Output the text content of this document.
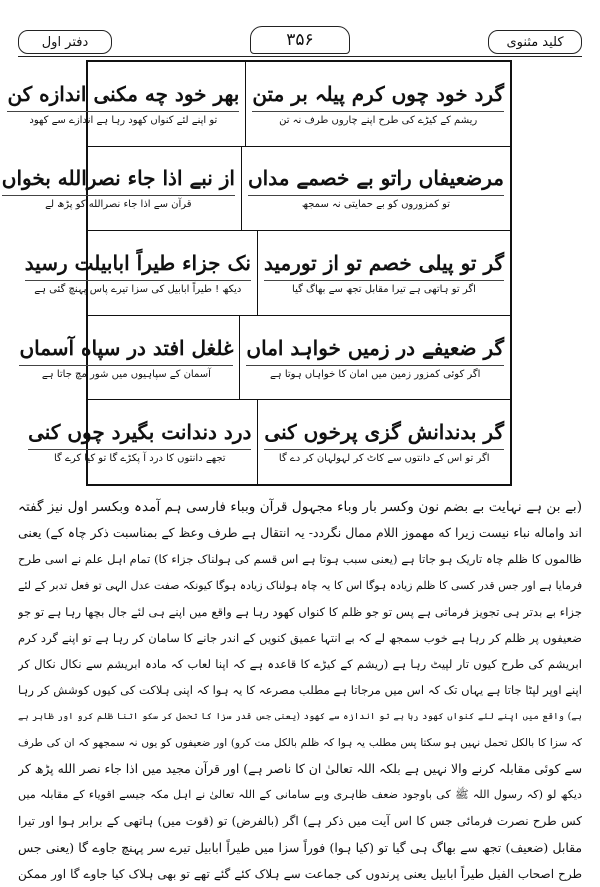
کلید مثنوی
۳۵۶
دفتر اول
گرد خود چوں کرم پیلہ بر متن
ریشم کے کیڑے کی طرح اپنے چاروں طرف نہ تن
بهر خود چه مکنی اندازه کن
تو اپنے لئے کنواں کھود رہا ہے اندازے سے کھود
مرضعیفاں راتو بے خصمے مداں
تو کمزوروں کو بے حمایتی نہ سمجھ
از نبے اذا جاء نصرالله بخواں
قرآن سے اذا جاء نصرالله کو پڑھ لے
گر تو پیلی خصم تو از تورمید
اگر تو ہاتھی ہے تیرا مقابل تجھ سے بھاگ گیا
نک جزاء طیراً ابابیلت رسید
دیکھ ! طیراً ابابیل کی سزا تیرے پاس پہنچ گئی ہے
گر ضعیفے در زمیں خواہد اماں
اگر کوئی کمزور زمین میں امان کا خواہاں ہوتا ہے
غلغل افتد در سپاه آسماں
آسمان کے سپاہیوں میں شور مچ جاتا ہے
گر بدندانش گزی پرخوں کنی
اگر تو اس کے دانتوں سے کاٹ کر لہولہان کر دے گا
درد دندانت بگیرد چوں کنی
تجھے دانتوں کا درد آ پکڑے گا تو کیا کرے گا
(بے بن ہے نہایت بے بضم نون وکسر بار وباء مجہول قرآن وبباء فارسی ہم آمدہ وبکسر اول نیز گفتہ
اند واماله نباء نیست زیرا که مهموز اللام ممال نگردد- یہ انتقال ہے طرف وعظ کے بمناسبت ذکر چاہ کے) یعنی
ظالموں کا ظلم چاہ تاریک ہو جاتا ہے (یعنی سبب ہوتا ہے اس قسم کی ہولناک جزاء کا) تمام اہل علم نے اسی طرح
فرمایا ہے اور جس قدر کسی کا ظلم زیادہ ہوگا اس کا یہ چاہ ہولناک زیادہ ہوگا کیونکہ صفت عدل الہی تو فعل تدبر کے لئے
جزاء بے بدتر ہی تجویز فرماتی ہے پس تو جو ظلم کا کنواں کھود رہا ہے واقع میں اپنے ہی لئے جال بچھا رہا ہے تو جو
ضعیفوں پر ظلم کر رہا ہے خوب سمجھ لے کہ بے انتہا عمیق کنویں کے اندر جانے کا سامان کر رہا ہے تو اپنے گرد کرم
ابریشم کی طرح کیوں تار لپیٹ رہا ہے (ریشم کے کیڑے کا قاعدہ ہے کہ اپنا لعاب کہ مادہ ابریشم سے نکال نکال کر
اپنے اوپر لپٹا جاتا ہے یہاں تک کہ اس میں مرجاتا ہے مطلب مصرعہ کا یہ ہوا کہ اپنی ہلاکت کی کیوں کوشش کر رہا
ہے) واقع میں اپنے لئے کنواں کھود رہا ہے تو اندازہ سے کھود (یعنی جس قدر سزا کا تحمل کر سکو اتنا ظلم کرو اور ظاہر ہے
کہ سزا کا بالکل تحمل نہیں ہو سکتا پس مطلب یہ ہوا کہ ظلم بالکل مت کرو) اور ضعیفوں کو یوں نہ سمجھو کہ ان کی طرف
سے کوئی مقابلہ کرنے والا نہیں ہے بلکہ اللہ تعالیٰ ان کا ناصر ہے) اور قرآن مجید میں اذا جاء نصر الله پڑھ کر
دیکھ لو (کہ رسول اللہ ﷺ کی باوجود ضعف ظاہری وبے سامانی کے اللہ تعالیٰ نے اہل مکہ جیسے اقویاء کے مقابلہ میں
کس طرح نصرت فرمائی جس کا اس آیت میں ذکر ہے) اگر (بالفرض) تو (قوت میں) ہاتھی کے برابر ہوا اور تیرا
مقابل (ضعیف) تجھ سے بھاگ ہی گیا تو (کیا ہوا) فوراً سزا میں طیراً ابابیل تیرے سر پہنچ جاوے گا (یعنی جس
طرح اصحاب الفیل طیراً ابابیل یعنی پرندوں کی جماعت سے ہلاک کئے گئے تھے تو بھی ہلاک کیا جاوے گا اور ممکن
